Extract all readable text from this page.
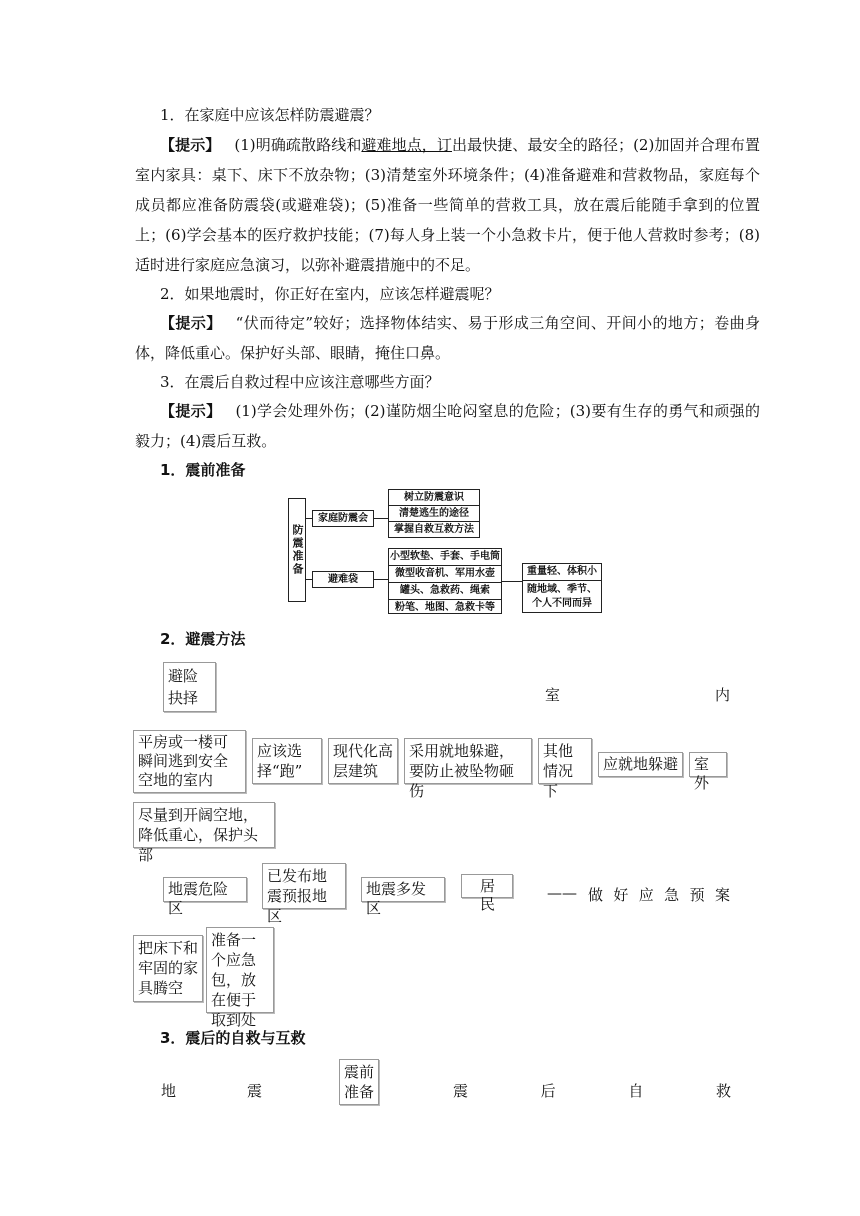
1．在家庭中应该怎样防震避震？
【提示】 (1)明确疏散路线和避难地点，订出最快捷、最安全的路径；(2)加固并合理布置室内家具：桌下、床下不放杂物；(3)清楚室外环境条件；(4)准备避难和营救物品，家庭每个成员都应准备防震袋(或避难袋)；(5)准备一些简单的营救工具，放在震后能随手拿到的位置上；(6)学会基本的医疗救护技能；(7)每人身上装一个小急救卡片，便于他人营救时参考；(8)适时进行家庭应急演习，以弥补避震措施中的不足。
2．如果地震时，你正好在室内，应该怎样避震呢？
【提示】 “伏而待定”较好；选择物体结实、易于形成三角空间、开间小的地方；卷曲身体，降低重心。保护好头部、眼睛，掩住口鼻。
3．在震后自救过程中应该注意哪些方面？
【提示】 (1)学会处理外伤；(2)谨防烟尘呛闷窒息的危险；(3)要有生存的勇气和顽强的毅力；(4)震后互救。
1．震前准备
防震准备
家庭防震会
树立防震意识
清楚逃生的途径
掌握自救互救方法
避难袋
小型软垫、手套、手电筒
微型收音机、军用水壶
罐头、急救药、绳索
粉笔、地图、急救卡等
重量轻、体积小
随地域、季节、个人不同而异
2．避震方法
避险抉择	室	内
平房或一楼可瞬间逃到安全空地的室内
应该选择“跑”
现代化高层建筑
采用就地躲避，要防止被坠物砸伤
其他情况下
应就地躲避	室外
尽量到开阔空地，降低重心，保护头部
地震危险区
已发布地震预报地区
地震多发区
居民
—— 做 好 应 急 预 案
把床下和牢固的家具腾空
准备一个应急包，放在便于取到处
3．震后的自救与互救
地	震
震前准备	震	后	自	救
